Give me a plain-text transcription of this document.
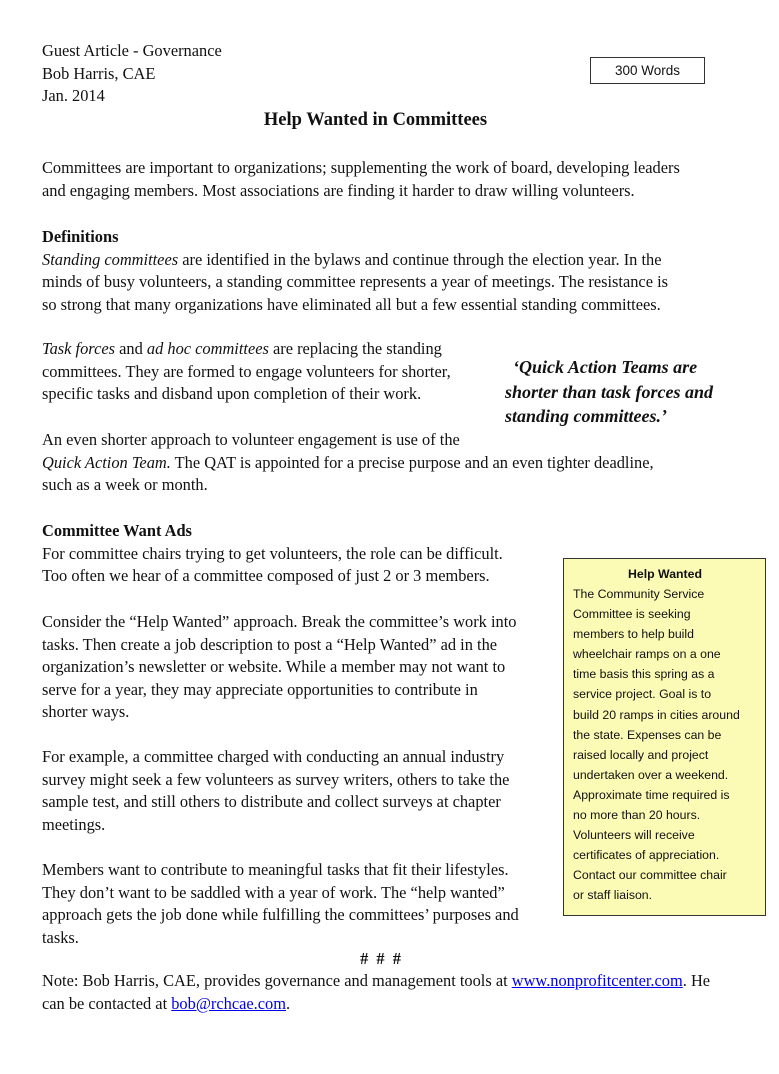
Guest Article - Governance
Bob Harris, CAE
Jan. 2014
300 Words
Help Wanted in Committees
Committees are important to organizations; supplementing the work of board, developing leaders
and engaging members. Most associations are finding it harder to draw willing volunteers.
Definitions
Standing committees are identified in the bylaws and continue through the election year. In the
minds of busy volunteers, a standing committee represents a year of meetings. The resistance is
so strong that many organizations have eliminated all but a few essential standing committees.
Task forces and ad hoc committees are replacing the standing
committees. They are formed to engage volunteers for shorter,
specific tasks and disband upon completion of their work.
‘Quick Action Teams are
shorter than task forces and
standing committees.’
An even shorter approach to volunteer engagement is use of the
Quick Action Team. The QAT is appointed for a precise purpose and an even tighter deadline,
such as a week or month.
Committee Want Ads
For committee chairs trying to get volunteers, the role can be difficult.
Too often we hear of a committee composed of just 2 or 3 members.
Consider the “Help Wanted” approach. Break the committee’s work into
tasks. Then create a job description to post a “Help Wanted” ad in the
organization’s newsletter or website. While a member may not want to
serve for a year, they may appreciate opportunities to contribute in
shorter ways.
For example, a committee charged with conducting an annual industry
survey might seek a few volunteers as survey writers, others to take the
sample test, and still others to distribute and collect surveys at chapter
meetings.
Members want to contribute to meaningful tasks that fit their lifestyles.
They don’t want to be saddled with a year of work. The “help wanted”
approach gets the job done while fulfilling the committees’ purposes and
tasks.
Help Wanted
The Community Service
Committee is seeking
members to help build
wheelchair ramps on a one
time basis this spring as a
service project. Goal is to
build 20 ramps in cities around
the state. Expenses can be
raised locally and project
undertaken over a weekend.
Approximate time required is
no more than 20 hours.
Volunteers will receive
certificates of appreciation.
Contact our committee chair
or staff liaison.
# # #
Note: Bob Harris, CAE, provides governance and management tools at www.nonprofitcenter.com. He
can be contacted at bob@rchcae.com.
